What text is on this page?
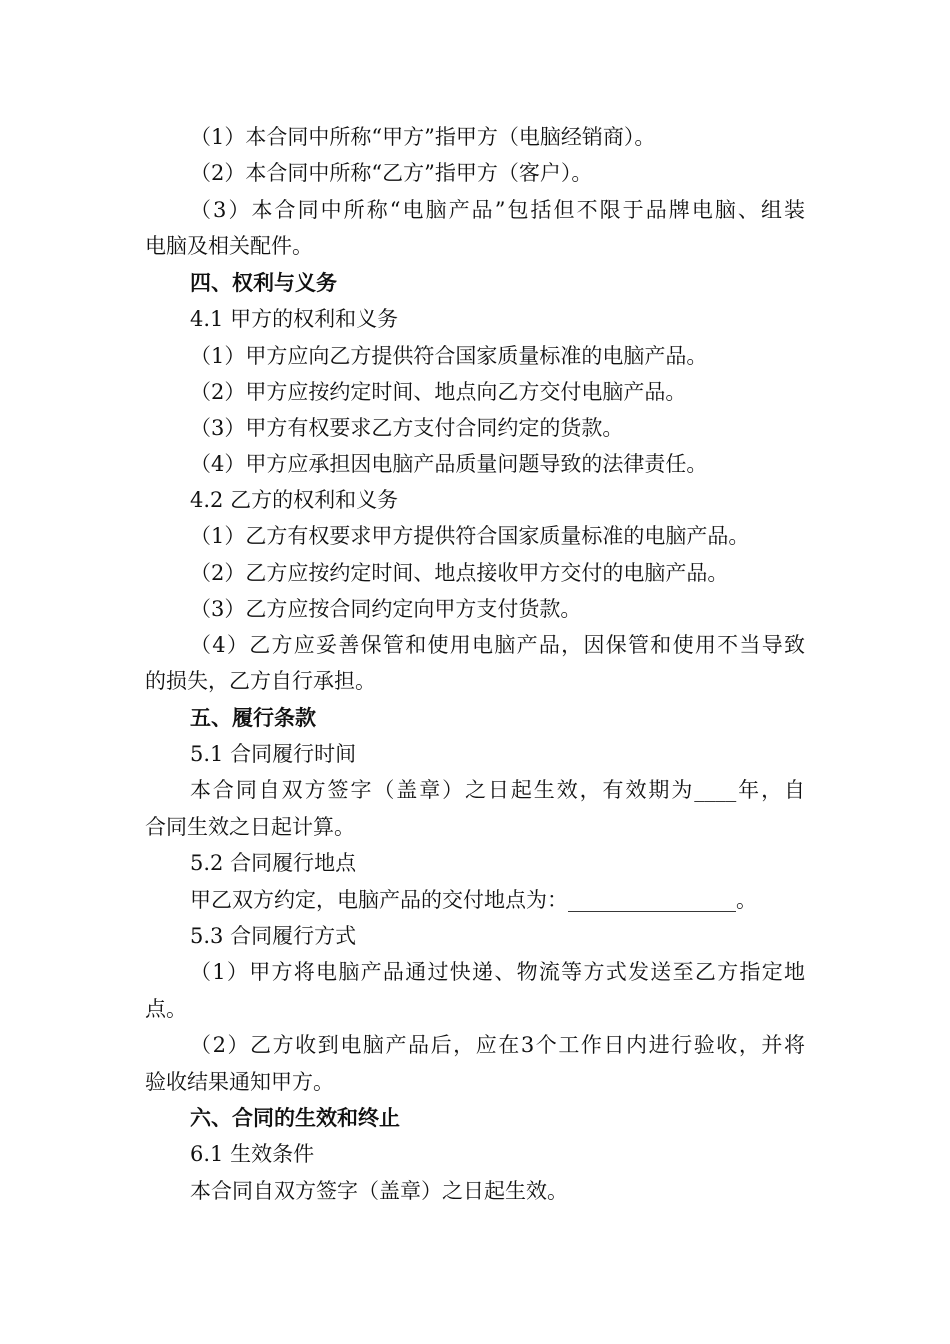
（1）本合同中所称“甲方”指甲方（电脑经销商）。
（2）本合同中所称“乙方”指甲方（客户）。
（3）本合同中所称“电脑产品”包括但不限于品牌电脑、组装
电脑及相关配件。
四、权利与义务
4.1 甲方的权利和义务
（1）甲方应向乙方提供符合国家质量标准的电脑产品。
（2）甲方应按约定时间、地点向乙方交付电脑产品。
（3）甲方有权要求乙方支付合同约定的货款。
（4）甲方应承担因电脑产品质量问题导致的法律责任。
4.2 乙方的权利和义务
（1）乙方有权要求甲方提供符合国家质量标准的电脑产品。
（2）乙方应按约定时间、地点接收甲方交付的电脑产品。
（3）乙方应按合同约定向甲方支付货款。
（4）乙方应妥善保管和使用电脑产品，因保管和使用不当导致
的损失，乙方自行承担。
五、履行条款
5.1 合同履行时间
本合同自双方签字（盖章）之日起生效，有效期为____年，自
合同生效之日起计算。
5.2 合同履行地点
甲乙双方约定，电脑产品的交付地点为：________________。
5.3 合同履行方式
（1）甲方将电脑产品通过快递、物流等方式发送至乙方指定地
点。
（2）乙方收到电脑产品后，应在3个工作日内进行验收，并将
验收结果通知甲方。
六、合同的生效和终止
6.1 生效条件
本合同自双方签字（盖章）之日起生效。
